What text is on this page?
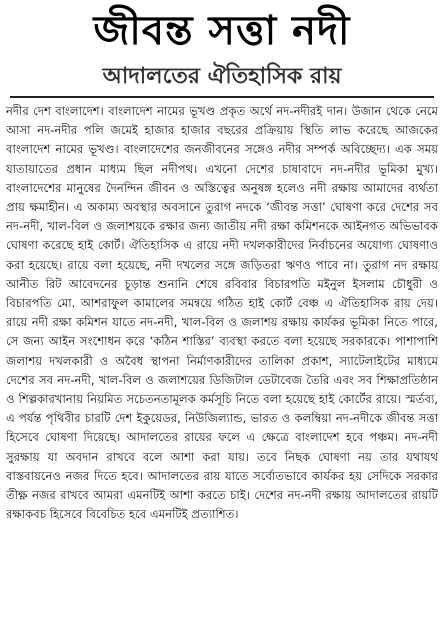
জীবন্ত সত্তা নদী
আদালতের ঐতিহাসিক রায়

নদীর দেশ বাংলাদেশ। বাংলাদেশ নামের ভূখণ্ড প্রকৃত অর্থে নদ-নদীরই দান। উজান থেকে নেমে আসা নদ-নদীর পলি জমেই হাজার হাজার বছরের প্রক্রিয়ায় স্থিতি লাভ করেছে আজকের বাংলাদেশ নামের ভূখণ্ড। বাংলাদেশের জনজীবনের সঙ্গেও নদীর সম্পর্ক অবিচ্ছেদ্য। এক সময় যাতায়াতের প্রধান মাধ্যম ছিল নদীপথ। এখনো দেশের চাষাবাদে নদ-নদীর ভূমিকা মুখ্য। বাংলাদেশের মানুষের দৈনন্দিন জীবন ও অস্তিত্বের অনুষঙ্গ হলেও নদী রক্ষায় আমাদের ব্যর্থতা প্রায় ক্ষমাহীন। এ অকাম্য অবস্থার অবসানে তুরাগ নদকে ‘জীবন্ত সত্তা’ ঘোষণা করে দেশের সব নদ-নদী, খাল-বিল ও জলাশয়কে রক্ষার জন্য জাতীয় নদী রক্ষা কমিশনকে আইনগত অভিভাবক ঘোষণা করেছে হাই কোর্ট। ঐতিহাসিক এ রায়ে নদী দখলকারীদের নির্বাচনের অযোগ্য ঘোষণাও করা হয়েছে। রায়ে বলা হয়েছে, নদী দখলের সঙ্গে জড়িতরা ঋণও পাবে না। তুরাগ নদ রক্ষায় আনীত রিট আবেদনের চূড়ান্ত শুনানি শেষে রবিবার বিচারপতি মইনুল ইসলাম চৌধুরী ও বিচারপতি মো. আশরাফুল কামালের সমন্বয়ে গঠিত হাই কোর্ট বেঞ্চ এ ঐতিহাসিক রায় দেয়। রায়ে নদী রক্ষা কমিশন যাতে নদ-নদী, খাল-বিল ও জলাশয় রক্ষায় কার্যকর ভূমিকা নিতে পারে, সে জন্য আইন সংশোধন করে ‘কঠিন শাস্তির’ ব্যবস্থা করতে বলা হয়েছে সরকারকে। পাশাপাশি জলাশয় দখলকারী ও অবৈধ স্থাপনা নির্মাণকারীদের তালিকা প্রকাশ, স্যাটেলাইটের মাধ্যমে দেশের সব নদ-নদী, খাল-বিল ও জলাশয়ের ডিজিটাল ডেটাবেজ তৈরি এবং সব শিক্ষাপ্রতিষ্ঠান ও শিল্পকারখানায় নিয়মিত সচেতনতামূলক কর্মসূচি নিতে বলা হয়েছে হাই কোর্টের রায়ে। স্মর্তব্য, এ পর্যন্ত পৃথিবীর চারটি দেশ ইকুয়েডর, নিউজিল্যান্ড, ভারত ও কলম্বিয়া নদ-নদীকে জীবন্ত সত্তা হিসেবে ঘোষণা দিয়েছে। আদালতের রায়ের ফলে এ ক্ষেত্রে বাংলাদেশ হবে পঞ্চম। নদ-নদী সুরক্ষায় যা অবদান রাখবে বলে আশা করা যায়। তবে নিছক ঘোষণা নয় তার যথাযথ বাস্তবায়নেও নজর দিতে হবে। আদালতের রায় যাতে সর্বোতভাবে কার্যকর হয় সেদিকে সরকার তীক্ষ্ণ নজর রাখবে আমরা এমনটিই আশা করতে চাই। দেশের নদ-নদী রক্ষায় আদালতের রায়টি রক্ষাকবচ হিসেবে বিবেচিত হবে এমনটিই প্রত্যাশিত।
